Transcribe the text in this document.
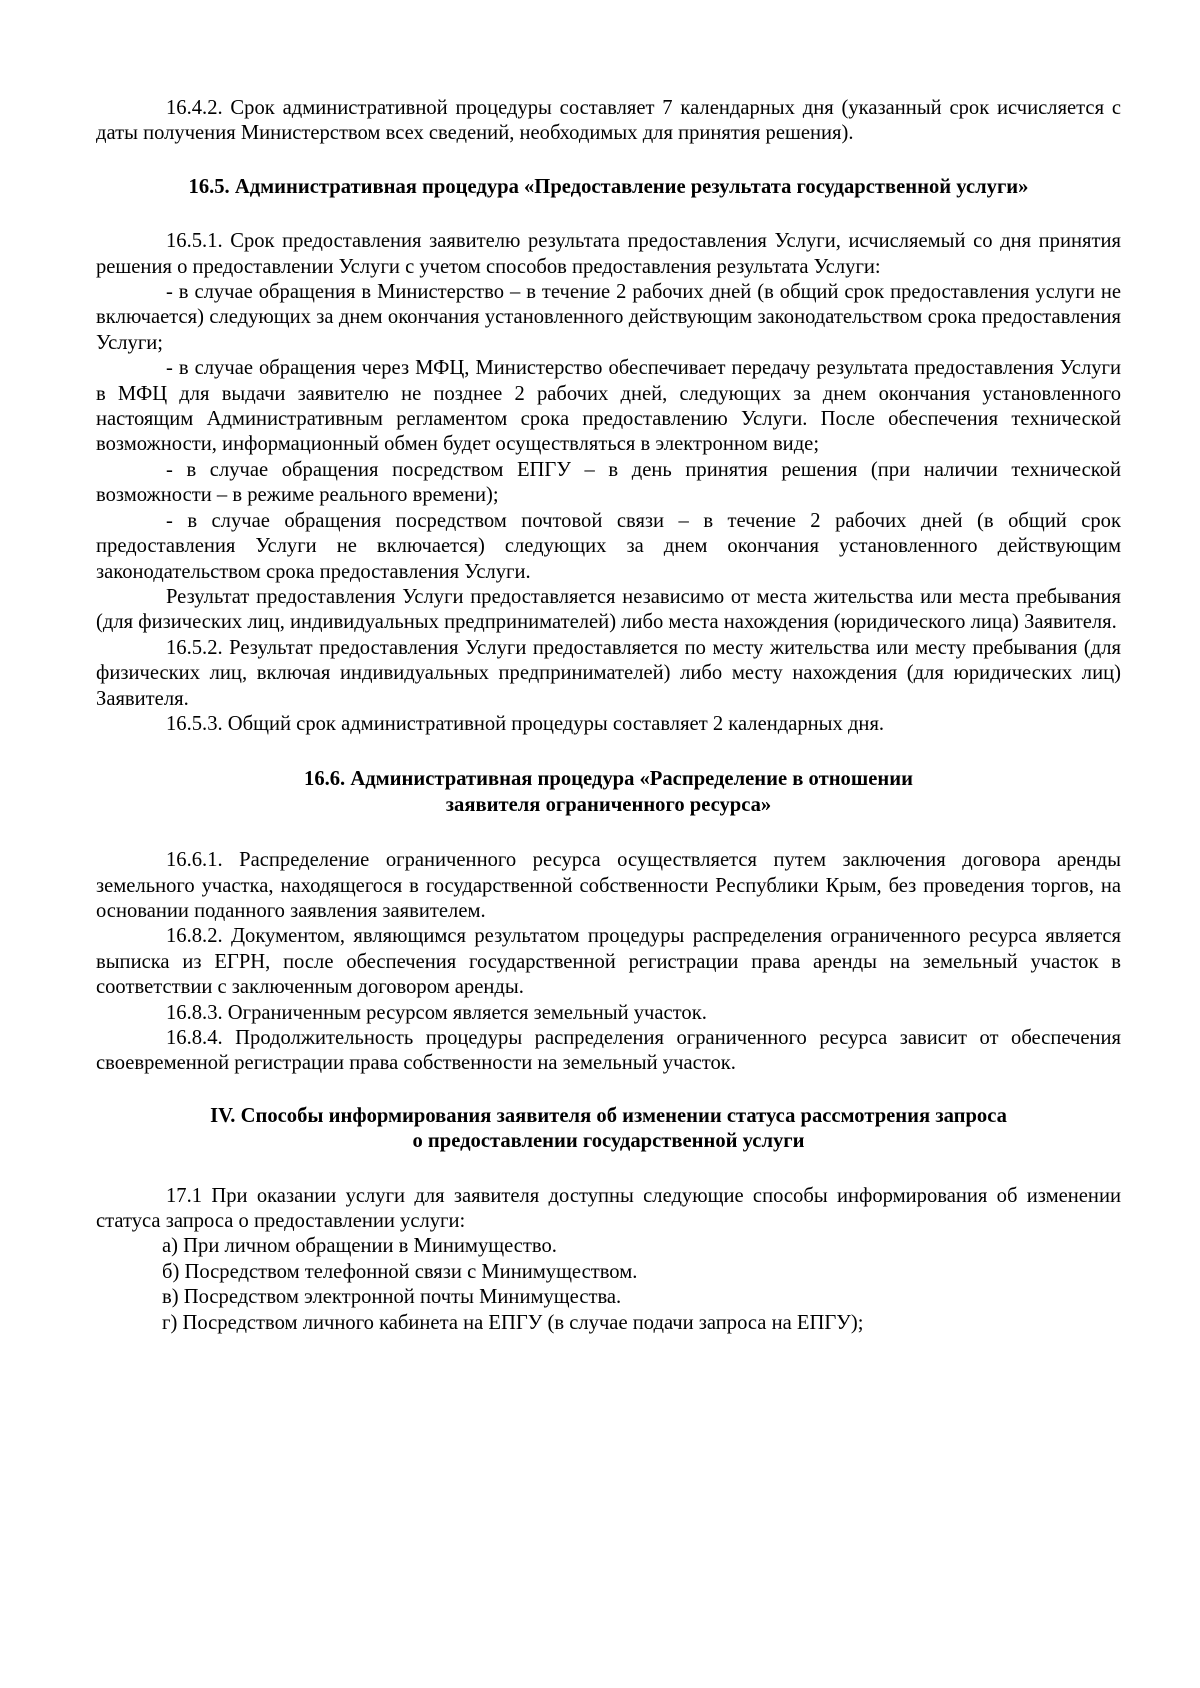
16.4.2. Срок административной процедуры составляет 7 календарных дня (указанный срок исчисляется с даты получения Министерством всех сведений, необходимых для принятия решения).

16.5. Административная процедура «Предоставление результата государственной услуги»

16.5.1. Срок предоставления заявителю результата предоставления Услуги, исчисляемый со дня принятия решения о предоставлении Услуги с учетом способов предоставления результата Услуги:

- в случае обращения в Министерство – в течение 2 рабочих дней (в общий срок предоставления услуги не включается) следующих за днем окончания установленного действующим законодательством срока предоставления Услуги;

- в случае обращения через МФЦ, Министерство обеспечивает передачу результата предоставления Услуги в МФЦ для выдачи заявителю не позднее 2 рабочих дней, следующих за днем окончания установленного настоящим Административным регламентом срока предоставлению Услуги. После обеспечения технической возможности, информационный обмен будет осуществляться в электронном виде;

- в случае обращения посредством ЕПГУ – в день принятия решения (при наличии технической возможности – в режиме реального времени);

- в случае обращения посредством почтовой связи – в течение 2 рабочих дней (в общий срок предоставления Услуги не включается) следующих за днем окончания установленного действующим законодательством срока предоставления Услуги.

Результат предоставления Услуги предоставляется независимо от места жительства или места пребывания (для физических лиц, индивидуальных предпринимателей) либо места нахождения (юридического лица) Заявителя.

16.5.2. Результат предоставления Услуги предоставляется по месту жительства или месту пребывания (для физических лиц, включая индивидуальных предпринимателей) либо месту нахождения (для юридических лиц) Заявителя.

16.5.3. Общий срок административной процедуры составляет 2 календарных дня.

16.6. Административная процедура «Распределение в отношении
заявителя ограниченного ресурса»

16.6.1. Распределение ограниченного ресурса осуществляется путем заключения договора аренды земельного участка, находящегося в государственной собственности Республики Крым, без проведения торгов, на основании поданного заявления заявителем.

16.8.2. Документом, являющимся результатом процедуры распределения ограниченного ресурса является выписка из ЕГРН, после обеспечения государственной регистрации права аренды на земельный участок в соответствии с заключенным договором аренды.

16.8.3. Ограниченным ресурсом является земельный участок.

16.8.4. Продолжительность процедуры распределения ограниченного ресурса зависит от обеспечения своевременной регистрации права собственности на земельный участок.

IV. Способы информирования заявителя об изменении статуса рассмотрения запроса
о предоставлении государственной услуги

17.1 При оказании услуги для заявителя доступны следующие способы информирования об изменении статуса запроса о предоставлении услуги:

а) При личном обращении в Минимущество.

б) Посредством телефонной связи с Минимуществом.

в) Посредством электронной почты Минимущества.

г) Посредством личного кабинета на ЕПГУ (в случае подачи запроса на ЕПГУ);
